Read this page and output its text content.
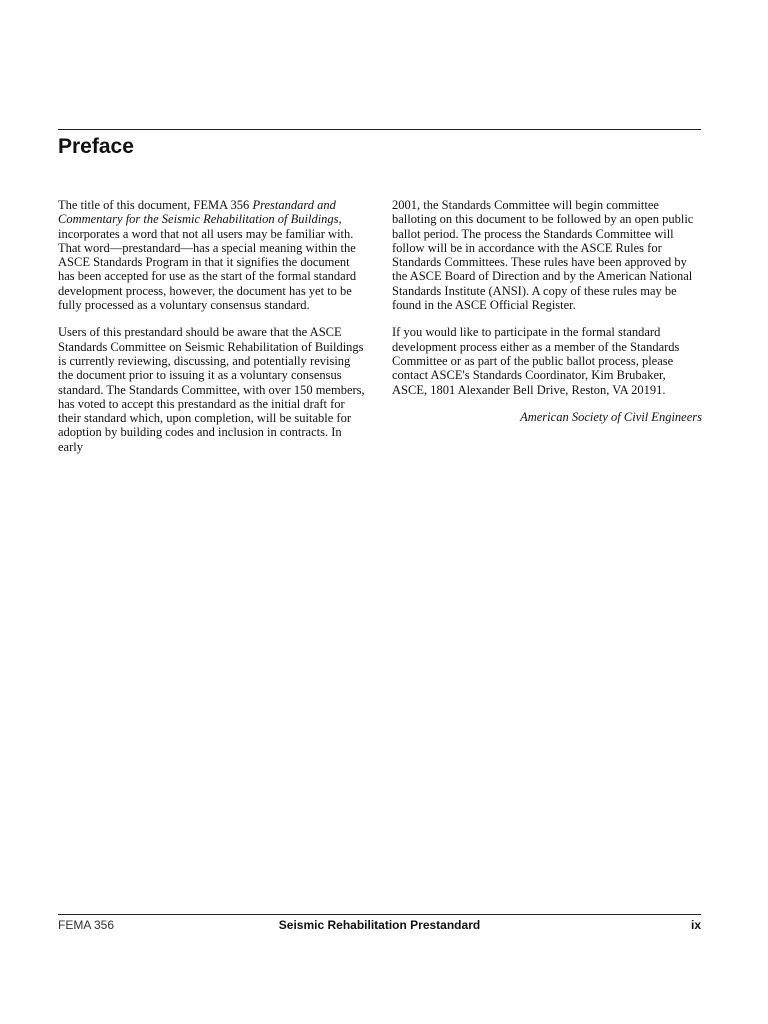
Preface

The title of this document, FEMA 356 Prestandard and Commentary for the Seismic Rehabilitation of Buildings, incorporates a word that not all users may be familiar with. That word—prestandard—has a special meaning within the ASCE Standards Program in that it signifies the document has been accepted for use as the start of the formal standard development process, however, the document has yet to be fully processed as a voluntary consensus standard.

Users of this prestandard should be aware that the ASCE Standards Committee on Seismic Rehabilitation of Buildings is currently reviewing, discussing, and potentially revising the document prior to issuing it as a voluntary consensus standard. The Standards Committee, with over 150 members, has voted to accept this prestandard as the initial draft for their standard which, upon completion, will be suitable for adoption by building codes and inclusion in contracts. In early

2001, the Standards Committee will begin committee balloting on this document to be followed by an open public ballot period. The process the Standards Committee will follow will be in accordance with the ASCE Rules for Standards Committees. These rules have been approved by the ASCE Board of Direction and by the American National Standards Institute (ANSI). A copy of these rules may be found in the ASCE Official Register.

If you would like to participate in the formal standard development process either as a member of the Standards Committee or as part of the public ballot process, please contact ASCE's Standards Coordinator, Kim Brubaker, ASCE, 1801 Alexander Bell Drive, Reston, VA 20191.

American Society of Civil Engineers

FEMA 356	Seismic Rehabilitation Prestandard	ix
